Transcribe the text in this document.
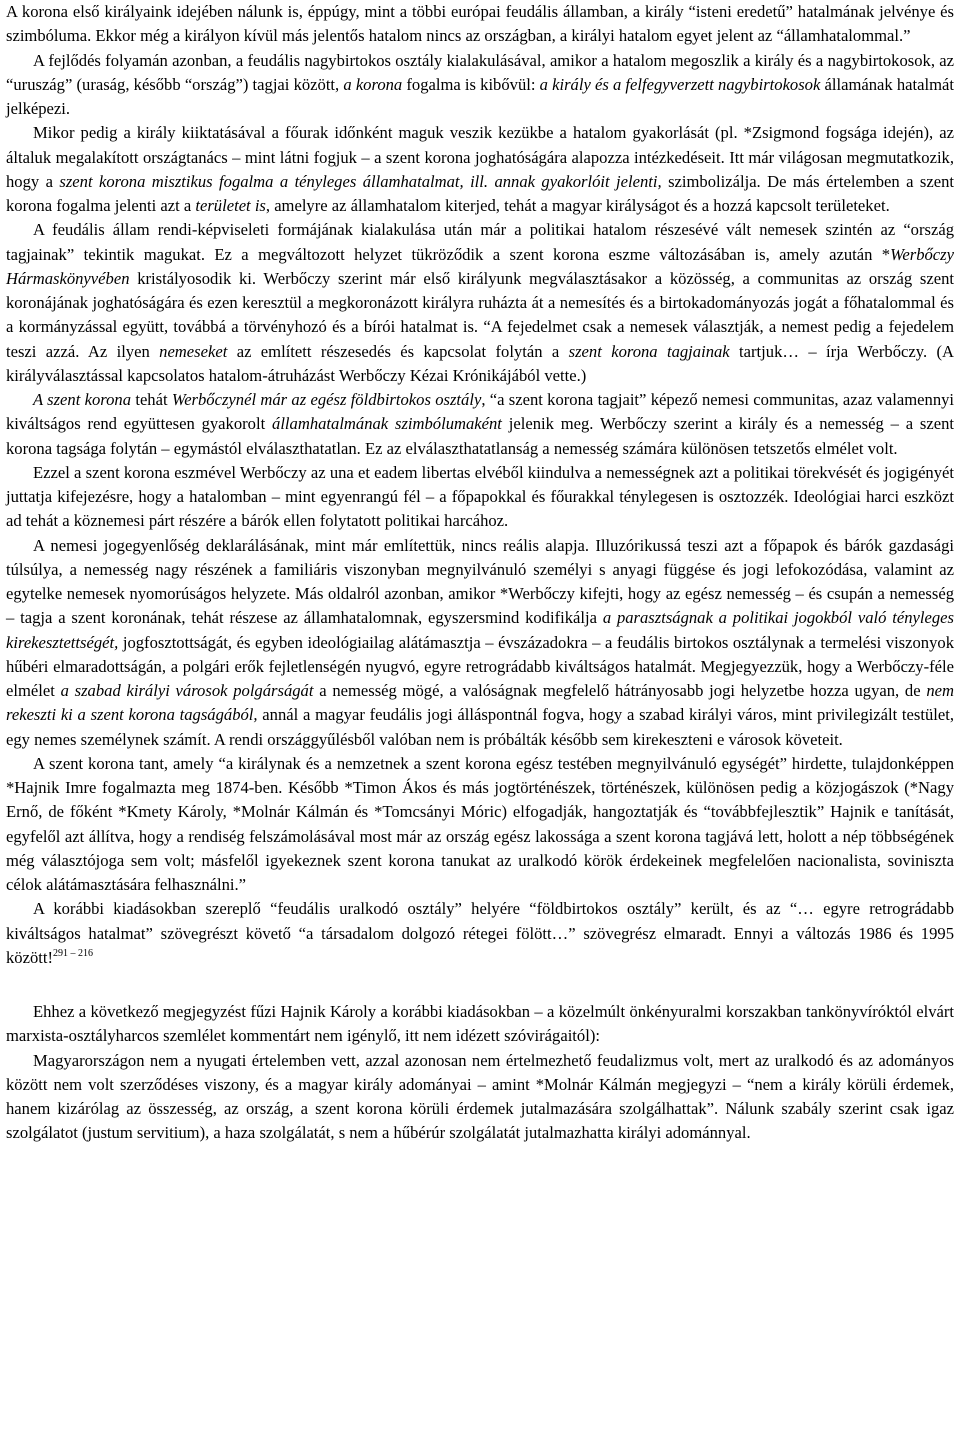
A korona első királyaink idejében nálunk is, éppúgy, mint a többi európai feudális államban, a király “isteni eredetű” hatalmának jelvénye és szimbóluma. Ekkor még a királyon kívül más jelentős hatalom nincs az országban, a királyi hatalom egyet jelent az “államhatalommal.”

A fejlődés folyamán azonban, a feudális nagybirtokos osztály kialakulásával, amikor a hatalom megoszlik a király és a nagybirtokosok, az “uruszág” (uraság, később “ország”) tagjai között, a korona fogalma is kibővül: a király és a felfegyverzett nagybirtokosok államának hatalmát jelképezi.

Mikor pedig a király kiiktatásával a főurak időnként maguk veszik kezükbe a hatalom gyakorlását (pl. *Zsigmond fogsága idején), az általuk megalakított országtanács – mint látni fogjuk – a szent korona joghatóságára alapozza intézkedéseit. Itt már világosan megmutatkozik, hogy a szent korona misztikus fogalma a tényleges államhatalmat, ill. annak gyakorlóit jelenti, szimbolizálja. De más értelemben a szent korona fogalma jelenti azt a területet is, amelyre az államhatalom kiterjed, tehát a magyar királyságot és a hozzá kapcsolt területeket.

A feudális állam rendi-képviseleti formájának kialakulása után már a politikai hatalom részesévé vált nemesek szintén az “ország tagjainak” tekintik magukat. Ez a megváltozott helyzet tükröződik a szent korona eszme változásában is, amely azután *Werbőczy Hármaskönyvében kristályosodik ki. Werbőczy szerint már első királyunk megválasztásakor a közösség, a communitas az ország szent koronájának joghatóságára és ezen keresztül a megkoronázott királyra ruházta át a nemesítés és a birtokadományozás jogát a főhatalommal és a kormányzással együtt, továbbá a törvényhozó és a bírói hatalmat is. “A fejedelmet csak a nemesek választják, a nemest pedig a fejedelem teszi azzá. Az ilyen nemeseket az említett részesedés és kapcsolat folytán a szent korona tagjainak tartjuk… – írja Werbőczy. (A királyválasztással kapcsolatos hatalom-átruházást Werbőczy Kézai Krónikájából vette.)

A szent korona tehát Werbőczynél már az egész földbirtokos osztály, “a szent korona tagjait” képező nemesi communitas, azaz valamennyi kiváltságos rend együttesen gyakorolt államhatalmának szimbólumaként jelenik meg. Werbőczy szerint a király és a nemesség – a szent korona tagsága folytán – egymástól elválaszthatatlan. Ez az elválaszthatatlanság a nemesség számára különösen tetszetős elmélet volt.

Ezzel a szent korona eszmével Werbőczy az una et eadem libertas elvéből kiindulva a nemességnek azt a politikai törekvését és jogigényét juttatja kifejezésre, hogy a hatalomban – mint egyenrangú fél – a főpapokkal és főurakkal ténylegesen is osztozzék. Ideológiai harci eszközt ad tehát a köznemesi párt részére a bárók ellen folytatott politikai harcához.

A nemesi jogegyenlőség deklarálásának, mint már említettük, nincs reális alapja. Illuzórikussá teszi azt a főpapok és bárók gazdasági túlsúlya, a nemesség nagy részének a familiáris viszonyban megnyilvánuló személyi s anyagi függése és jogi lefokozódása, valamint az egytelke nemesek nyomorúságos helyzete. Más oldalról azonban, amikor *Werbőczy kifejti, hogy az egész nemesség – és csupán a nemesség – tagja a szent koronának, tehát részese az államhatalomnak, egyszersmind kodifikálja a parasztságnak a politikai jogokból való tényleges kirekesztettségét, jogfosztottságát, és egyben ideológiailag alátámasztja – évszázadokra – a feudális birtokos osztálynak a termelési viszonyok hűbéri elmaradottságán, a polgári erők fejletlenségén nyugvó, egyre retrográdabb kiváltságos hatalmát. Megjegyezzük, hogy a Werbőczy-féle elmélet a szabad királyi városok polgárságát a nemesség mögé, a valóságnak megfelelő hátrányosabb jogi helyzetbe hozza ugyan, de nem rekeszti ki a szent korona tagságából, annál a magyar feudális jogi álláspontnál fogva, hogy a szabad királyi város, mint privilegizált testület, egy nemes személynek számít. A rendi országgyűlésből valóban nem is próbálták később sem kirekeszteni e városok követeit.

A szent korona tant, amely “a királynak és a nemzetnek a szent korona egész testében megnyilvánuló egységét” hirdette, tulajdonképpen *Hajnik Imre fogalmazta meg 1874-ben. Később *Timon Ákos és más jogtörténészek, történészek, különösen pedig a közjogászok (*Nagy Ernő, de főként *Kmety Károly, *Molnár Kálmán és *Tomcsányi Móric) elfogadják, hangoztatják és “továbbfejlesztik” Hajnik e tanítását, egyfelől azt állítva, hogy a rendiség felszámolásával most már az ország egész lakossága a szent korona tagjává lett, holott a nép többségének még választójoga sem volt; másfelől igyekeznek szent korona tanukat az uralkodó körök érdekeinek megfelelően nacionalista, soviniszta célok alátámasztására felhasználni.”

A korábbi kiadásokban szereplő “feudális uralkodó osztály” helyére “földbirtokos osztály” került, és az “… egyre retrográdabb kiváltságos hatalmat” szövegrészt követő “a társadalom dolgozó rétegei fölött…” szövegrész elmaradt. Ennyi a változás 1986 és 1995 között!$^{291 - 216}$

Ehhez a következő megjegyzést fűzi Hajnik Károly a korábbi kiadásokban – a közelmúlt önkényuralmi korszakban tankönyvíróktól elvárt marxista-osztályharcos szemlélet kommentárt nem igénylő, itt nem idézett szóvirágaitól):

Magyarországon nem a nyugati értelemben vett, azzal azonosan nem értelmezhető feudalizmus volt, mert az uralkodó és az adományos között nem volt szerződéses viszony, és a magyar király adományai – amint *Molnár Kálmán megjegyzi – “nem a király körüli érdemek, hanem kizárólag az összesség, az ország, a szent korona körüli érdemek jutalmazására szolgálhattak”. Nálunk szabály szerint csak igaz szolgálatot (justum servitium), a haza szolgálatát, s nem a hűbérúr szolgálatát jutalmazhatta királyi adománnyal.
